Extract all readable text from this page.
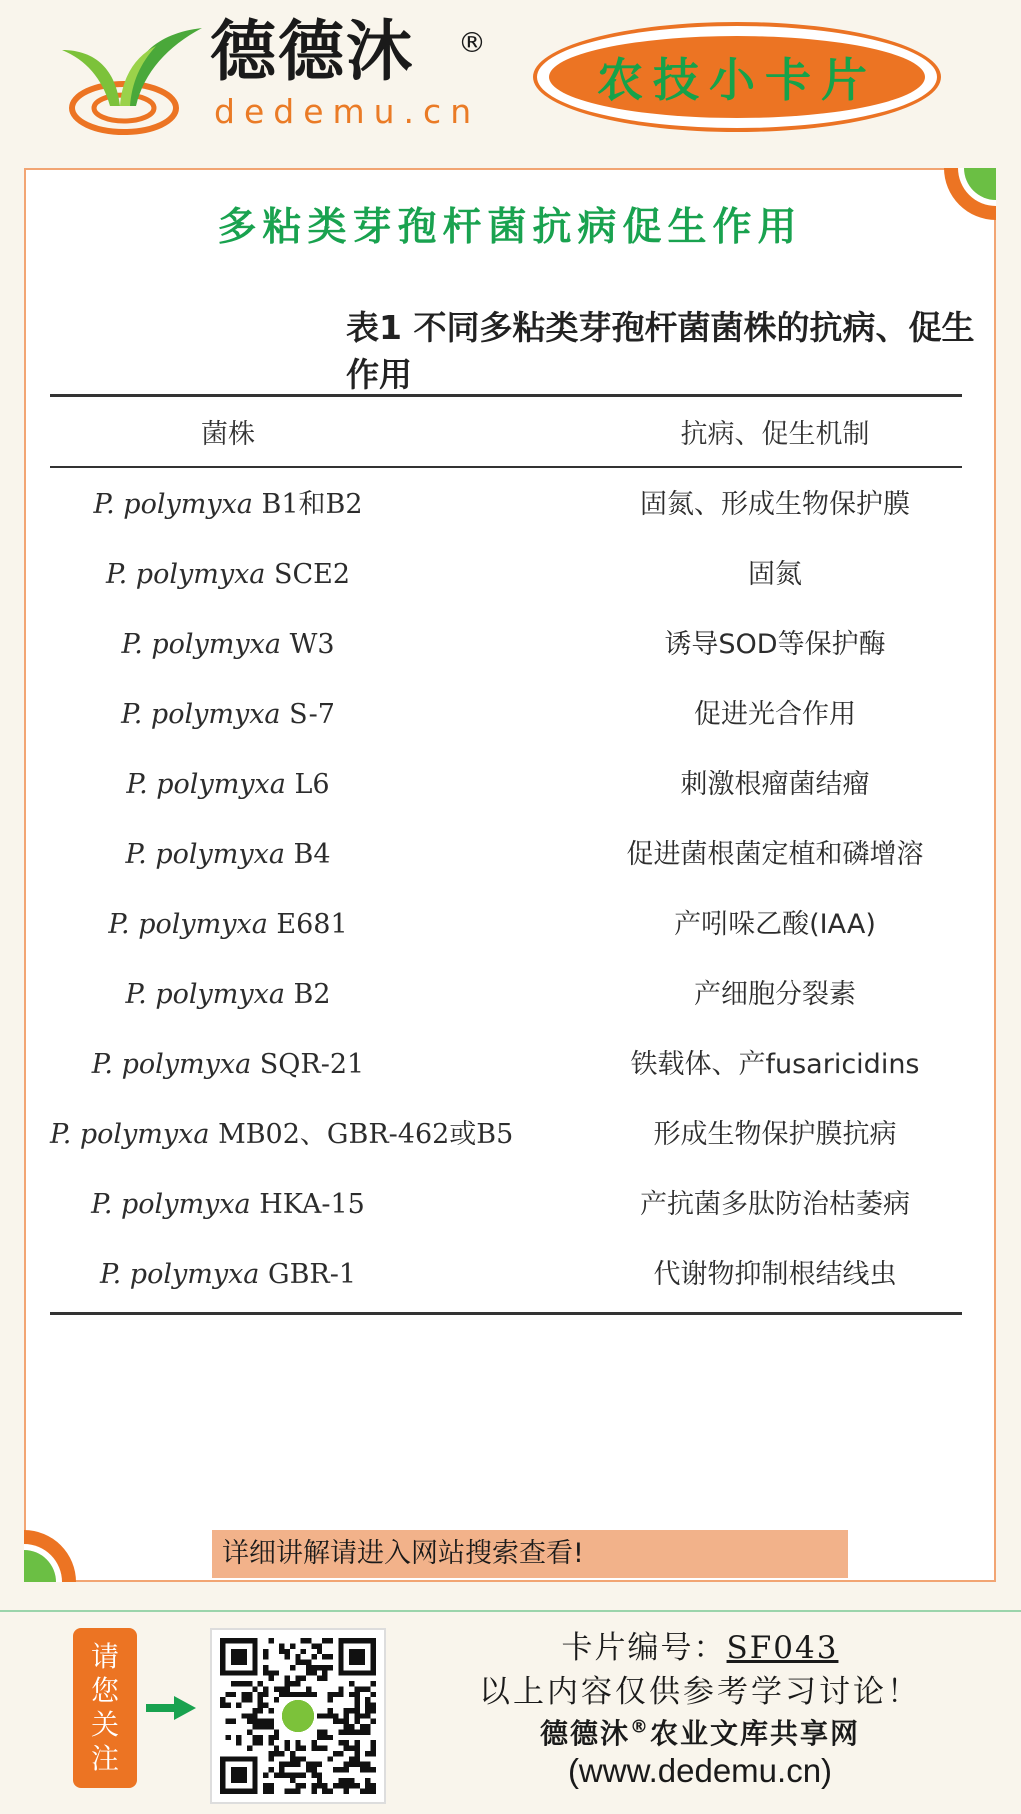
德德沐 ®
dedemu.cn
农技小卡片
多粘类芽孢杆菌抗病促生作用
表1 不同多粘类芽孢杆菌菌株的抗病、促生作用
菌株	抗病、促生机制
P. polymyxa B1和B2	固氮、形成生物保护膜
P. polymyxa SCE2	固氮
P. polymyxa W3	诱导SOD等保护酶
P. polymyxa S-7	促进光合作用
P. polymyxa L6	刺激根瘤菌结瘤
P. polymyxa B4	促进菌根菌定植和磷增溶
P. polymyxa E681	产吲哚乙酸(IAA)
P. polymyxa B2	产细胞分裂素
P. polymyxa SQR-21	铁载体、产fusaricidins
P. polymyxa MB02、GBR-462或B5	形成生物保护膜抗病
P. polymyxa HKA-15	产抗菌多肽防治枯萎病
P. polymyxa GBR-1	代谢物抑制根结线虫
详细讲解请进入网站搜索查看!
请您关注
卡片编号：SF043
以上内容仅供参考学习讨论！
德德沐®农业文库共享网
(www.dedemu.cn)
